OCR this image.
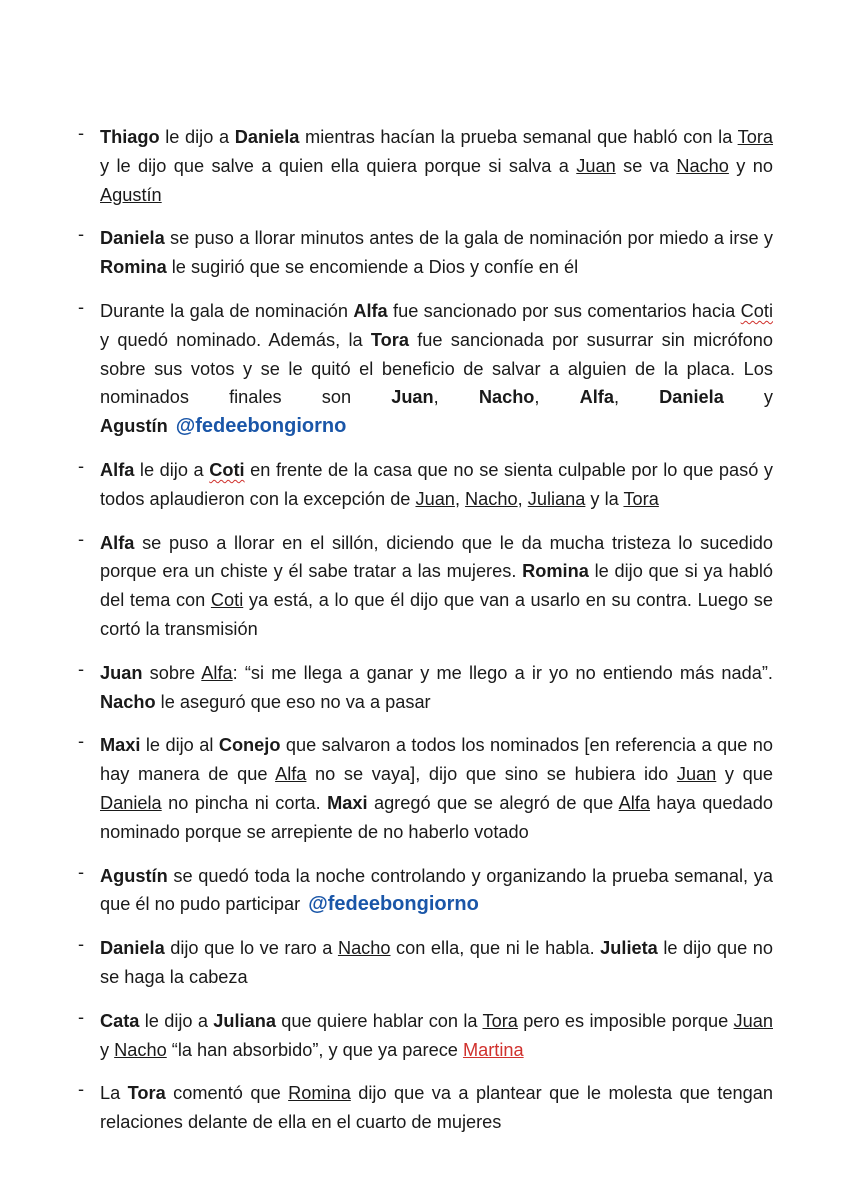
- Thiago le dijo a Daniela mientras hacían la prueba semanal que habló con la Tora y le dijo que salve a quien ella quiera porque si salva a Juan se va Nacho y no Agustín
- Daniela se puso a llorar minutos antes de la gala de nominación por miedo a irse y Romina le sugirió que se encomiende a Dios y confíe en él
- Durante la gala de nominación Alfa fue sancionado por sus comentarios hacia Coti y quedó nominado. Además, la Tora fue sancionada por susurrar sin micrófono sobre sus votos y se le quitó el beneficio de salvar a alguien de la placa. Los nominados finales son Juan, Nacho, Alfa, Daniela y Agustín @fedeebongiorno
- Alfa le dijo a Coti en frente de la casa que no se sienta culpable por lo que pasó y todos aplaudieron con la excepción de Juan, Nacho, Juliana y la Tora
- Alfa se puso a llorar en el sillón, diciendo que le da mucha tristeza lo sucedido porque era un chiste y él sabe tratar a las mujeres. Romina le dijo que si ya habló del tema con Coti ya está, a lo que él dijo que van a usarlo en su contra. Luego se cortó la transmisión
- Juan sobre Alfa: “si me llega a ganar y me llego a ir yo no entiendo más nada”. Nacho le aseguró que eso no va a pasar
- Maxi le dijo al Conejo que salvaron a todos los nominados [en referencia a que no hay manera de que Alfa no se vaya], dijo que sino se hubiera ido Juan y que Daniela no pincha ni corta. Maxi agregó que se alegró de que Alfa haya quedado nominado porque se arrepiente de no haberlo votado
- Agustín se quedó toda la noche controlando y organizando la prueba semanal, ya que él no pudo participar @fedeebongiorno
- Daniela dijo que lo ve raro a Nacho con ella, que ni le habla. Julieta le dijo que no se haga la cabeza
- Cata le dijo a Juliana que quiere hablar con la Tora pero es imposible porque Juan y Nacho “la han absorbido”, y que ya parece Martina
- La Tora comentó que Romina dijo que va a plantear que le molesta que tengan relaciones delante de ella en el cuarto de mujeres
